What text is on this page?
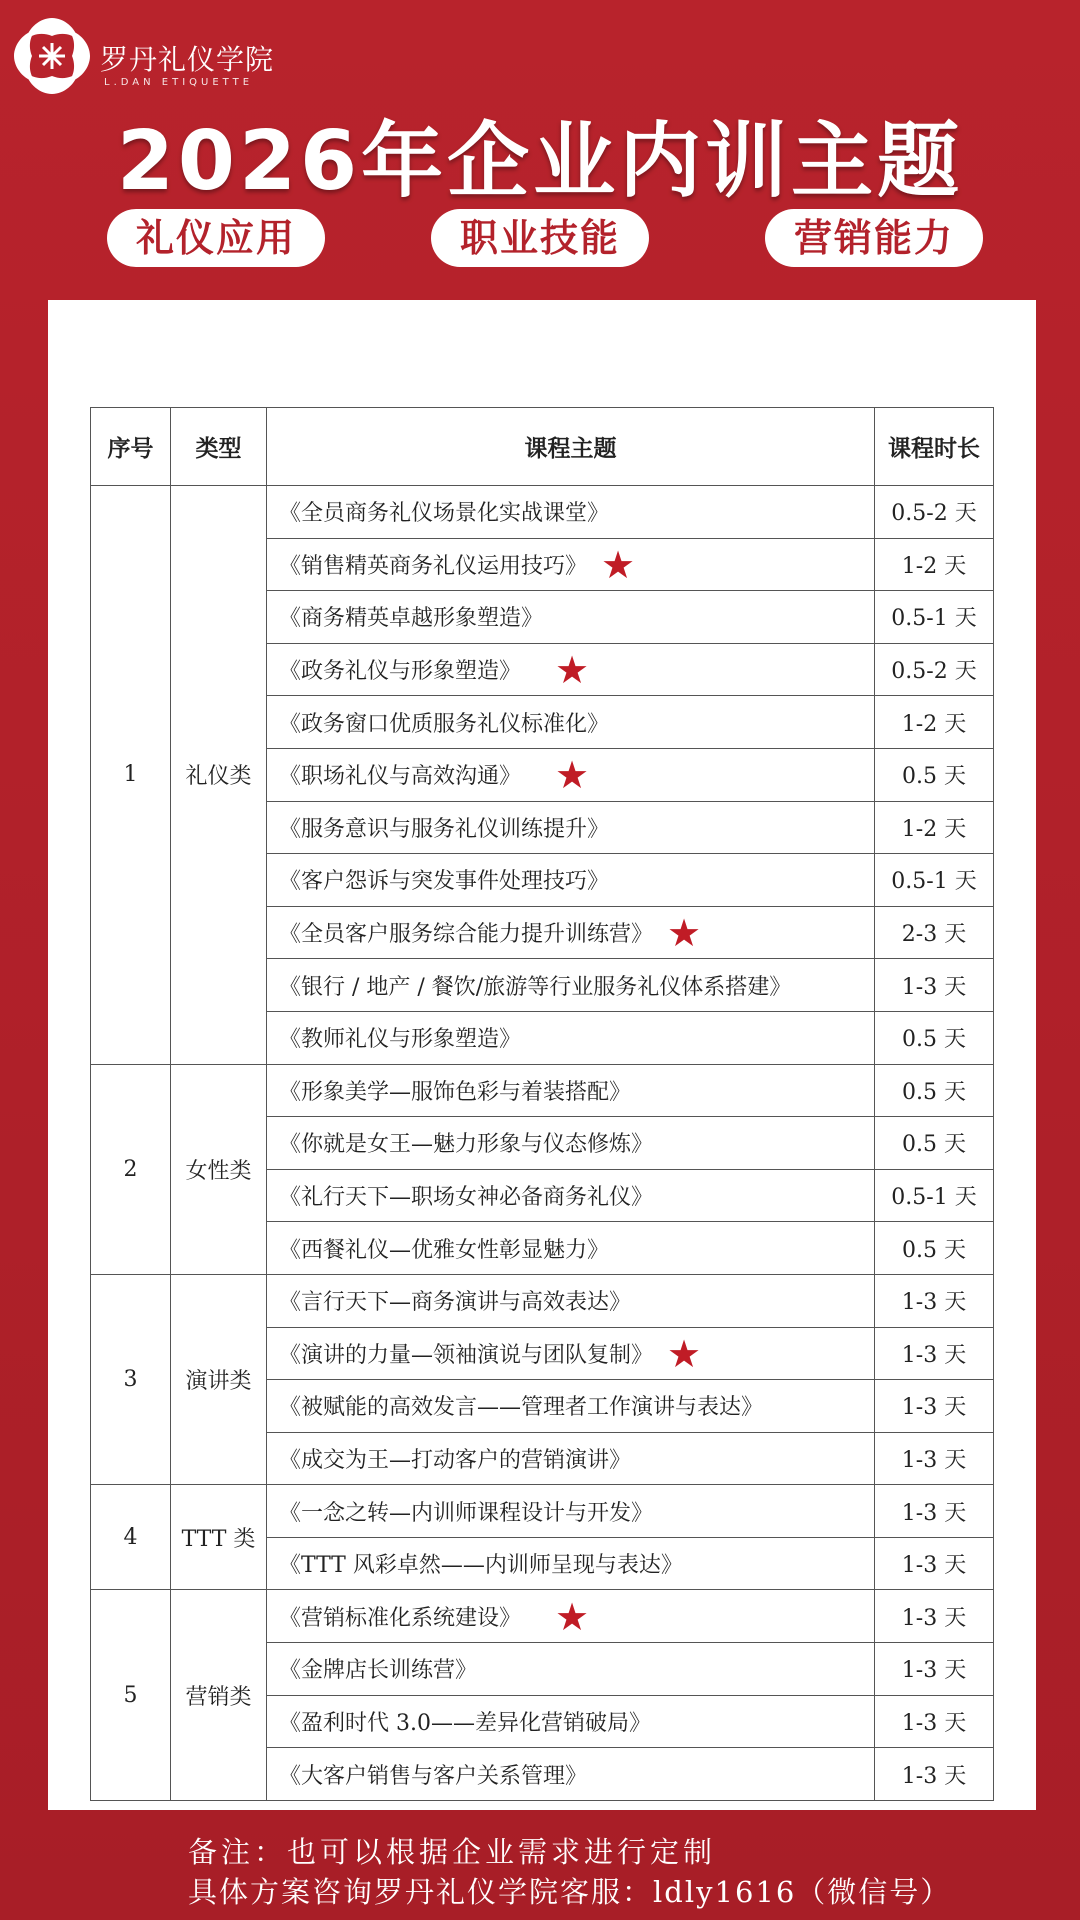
罗丹礼仪学院
L.DAN ETIQUETTE
2026年企业内训主题
礼仪应用	职业技能	营销能力
序号	类型	课程主题	课程时长
1	礼仪类	《全员商务礼仪场景化实战课堂》	0.5-2 天
		《销售精英商务礼仪运用技巧》 ★	1-2 天
		《商务精英卓越形象塑造》	0.5-1 天
		《政务礼仪与形象塑造》 ★	0.5-2 天
		《政务窗口优质服务礼仪标准化》	1-2 天
		《职场礼仪与高效沟通》 ★	0.5 天
		《服务意识与服务礼仪训练提升》	1-2 天
		《客户怨诉与突发事件处理技巧》	0.5-1 天
		《全员客户服务综合能力提升训练营》 ★	2-3 天
		《银行 / 地产 / 餐饮/旅游等行业服务礼仪体系搭建》	1-3 天
		《教师礼仪与形象塑造》	0.5 天
2	女性类	《形象美学—服饰色彩与着装搭配》	0.5 天
		《你就是女王—魅力形象与仪态修炼》	0.5 天
		《礼行天下—职场女神必备商务礼仪》	0.5-1 天
		《西餐礼仪—优雅女性彰显魅力》	0.5 天
3	演讲类	《言行天下—商务演讲与高效表达》	1-3 天
		《演讲的力量—领袖演说与团队复制》 ★	1-3 天
		《被赋能的高效发言——管理者工作演讲与表达》	1-3 天
		《成交为王—打动客户的营销演讲》	1-3 天
4	TTT 类	《一念之转—内训师课程设计与开发》	1-3 天
		《TTT 风彩卓然——内训师呈现与表达》	1-3 天
5	营销类	《营销标准化系统建设》 ★	1-3 天
		《金牌店长训练营》	1-3 天
		《盈利时代 3.0——差异化营销破局》	1-3 天
		《大客户销售与客户关系管理》	1-3 天
备注：也可以根据企业需求进行定制
具体方案咨询罗丹礼仪学院客服：ldly1616（微信号）
